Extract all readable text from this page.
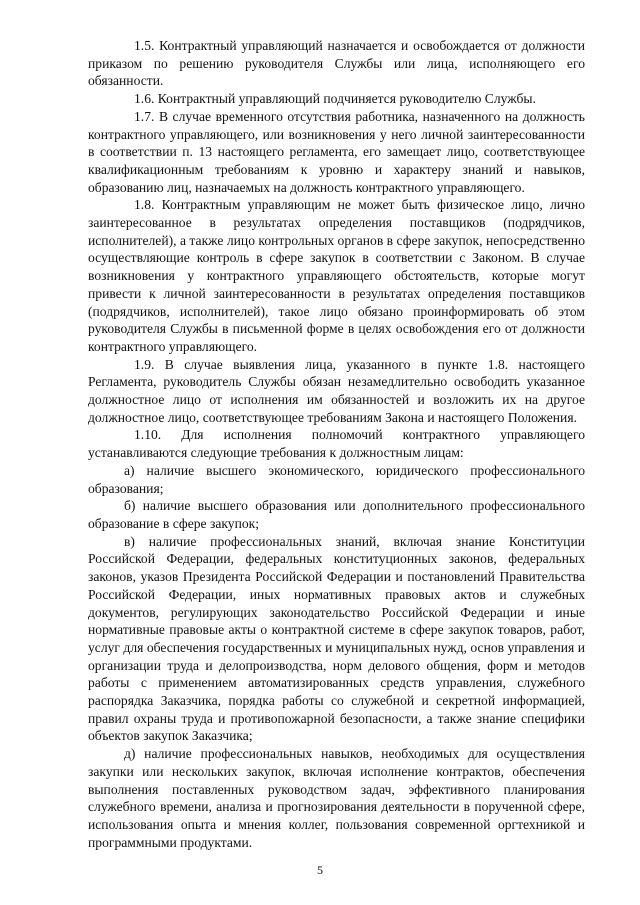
1.5. Контрактный управляющий назначается и освобождается от должности приказом по решению руководителя Службы или лица, исполняющего его обязанности.

1.6. Контрактный управляющий подчиняется руководителю Службы.

1.7. В случае временного отсутствия работника, назначенного на должность контрактного управляющего, или возникновения у него личной заинтересованности в соответствии п. 13 настоящего регламента, его замещает лицо, соответствующее квалификационным требованиям к уровню и характеру знаний и навыков, образованию лиц, назначаемых на должность контрактного управляющего.

1.8. Контрактным управляющим не может быть физическое лицо, лично заинтересованное в результатах определения поставщиков (подрядчиков, исполнителей), а также лицо контрольных органов в сфере закупок, непосредственно осуществляющие контроль в сфере закупок в соответствии с Законом. В случае возникновения у контрактного управляющего обстоятельств, которые могут привести к личной заинтересованности в результатах определения поставщиков (подрядчиков, исполнителей), такое лицо обязано проинформировать об этом руководителя Службы в письменной форме в целях освобождения его от должности контрактного управляющего.

1.9. В случае выявления лица, указанного в пункте 1.8. настоящего Регламента, руководитель Службы обязан незамедлительно освободить указанное должностное лицо от исполнения им обязанностей и возложить их на другое должностное лицо, соответствующее требованиям Закона и настоящего Положения.

1.10. Для исполнения полномочий контрактного управляющего устанавливаются следующие требования к должностным лицам:

а) наличие высшего экономического, юридического профессионального образования;

б) наличие высшего образования или дополнительного профессионального образование в сфере закупок;

в) наличие профессиональных знаний, включая знание Конституции Российской Федерации, федеральных конституционных законов, федеральных законов, указов Президента Российской Федерации и постановлений Правительства Российской Федерации, иных нормативных правовых актов и служебных документов, регулирующих законодательство Российской Федерации и иные нормативные правовые акты о контрактной системе в сфере закупок товаров, работ, услуг для обеспечения государственных и муниципальных нужд, основ управления и организации труда и делопроизводства, норм делового общения, форм и методов работы с применением автоматизированных средств управления, служебного распорядка Заказчика, порядка работы со служебной и секретной информацией, правил охраны труда и противопожарной безопасности, а также знание специфики объектов закупок Заказчика;

д) наличие профессиональных навыков, необходимых для осуществления закупки или нескольких закупок, включая исполнение контрактов, обеспечения выполнения поставленных руководством задач, эффективного планирования служебного времени, анализа и прогнозирования деятельности в порученной сфере, использования опыта и мнения коллег, пользования современной оргтехникой и программными продуктами.

5
